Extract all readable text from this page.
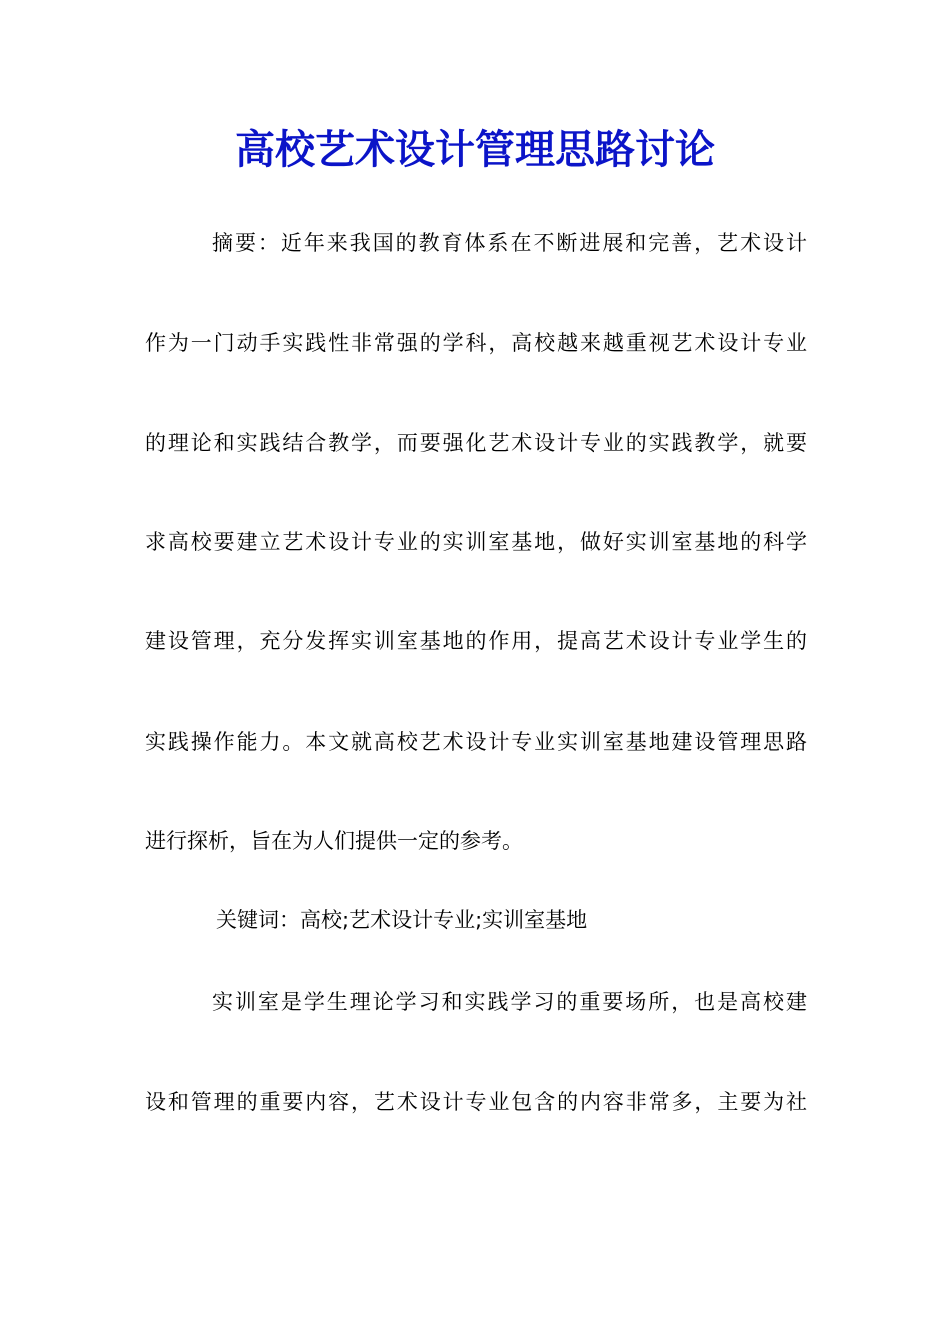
高校艺术设计管理思路讨论

摘要：近年来我国的教育体系在不断进展和完善，艺术设计

作为一门动手实践性非常强的学科，高校越来越重视艺术设计专业

的理论和实践结合教学，而要强化艺术设计专业的实践教学，就要

求高校要建立艺术设计专业的实训室基地，做好实训室基地的科学

建设管理，充分发挥实训室基地的作用，提高艺术设计专业学生的

实践操作能力。本文就高校艺术设计专业实训室基地建设管理思路

进行探析，旨在为人们提供一定的参考。

关键词：高校;艺术设计专业;实训室基地

实训室是学生理论学习和实践学习的重要场所，也是高校建

设和管理的重要内容，艺术设计专业包含的内容非常多，主要为社
